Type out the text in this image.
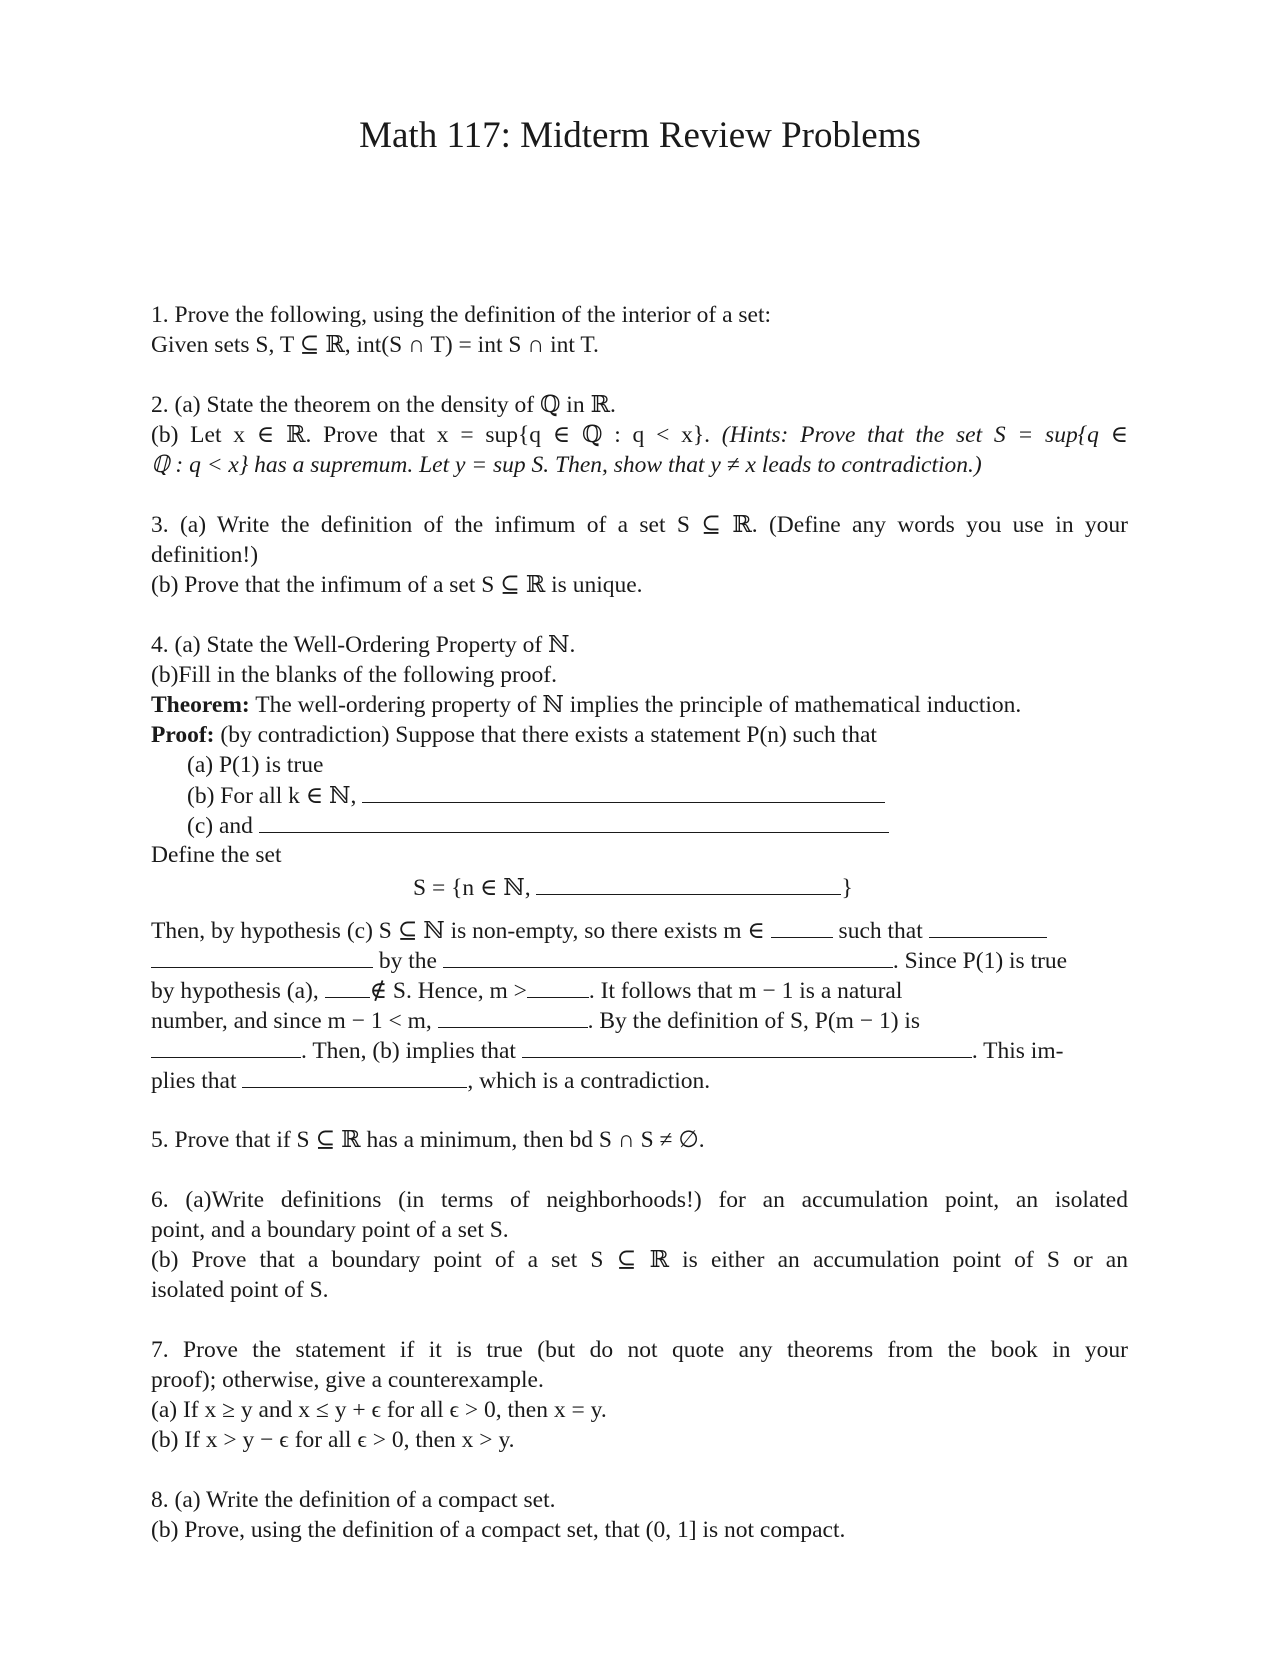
Math 117: Midterm Review Problems
1. Prove the following, using the definition of the interior of a set:
Given sets S, T ⊆ ℝ, int(S ∩ T) = int S ∩ int T.
2. (a) State the theorem on the density of ℚ in ℝ.
(b) Let x ∈ ℝ. Prove that x = sup{q ∈ ℚ : q < x}. (Hints: Prove that the set S = sup{q ∈
ℚ : q < x} has a supremum. Let y = sup S. Then, show that y ≠ x leads to contradiction.)
3. (a) Write the definition of the infimum of a set S ⊆ ℝ. (Define any words you use in your
definition!)
(b) Prove that the infimum of a set S ⊆ ℝ is unique.
4. (a) State the Well-Ordering Property of ℕ.
(b)Fill in the blanks of the following proof.
Theorem: The well-ordering property of ℕ implies the principle of mathematical induction.
Proof: (by contradiction) Suppose that there exists a statement P(n) such that
(a) P(1) is true
(b) For all k ∈ ℕ,
(c) and
Define the set
S = {n ∈ ℕ,	}
Then, by hypothesis (c) S ⊆ ℕ is non-empty, so there exists m ∈	such that
by the	. Since P(1) is true
by hypothesis (a), ∉ S. Hence, m >	. It follows that m − 1 is a natural
number, and since m − 1 < m,	. By the definition of S, P(m − 1) is
. Then, (b) implies that	. This im-
plies that	, which is a contradiction.
5. Prove that if S ⊆ ℝ has a minimum, then bd S ∩ S ≠ ∅.
6. (a)Write definitions (in terms of neighborhoods!) for an accumulation point, an isolated
point, and a boundary point of a set S.
(b) Prove that a boundary point of a set S ⊆ ℝ is either an accumulation point of S or an
isolated point of S.
7. Prove the statement if it is true (but do not quote any theorems from the book in your
proof); otherwise, give a counterexample.
(a) If x ≥ y and x ≤ y + ϵ for all ϵ > 0, then x = y.
(b) If x > y − ϵ for all ϵ > 0, then x > y.
8. (a) Write the definition of a compact set.
(b) Prove, using the definition of a compact set, that (0, 1] is not compact.
